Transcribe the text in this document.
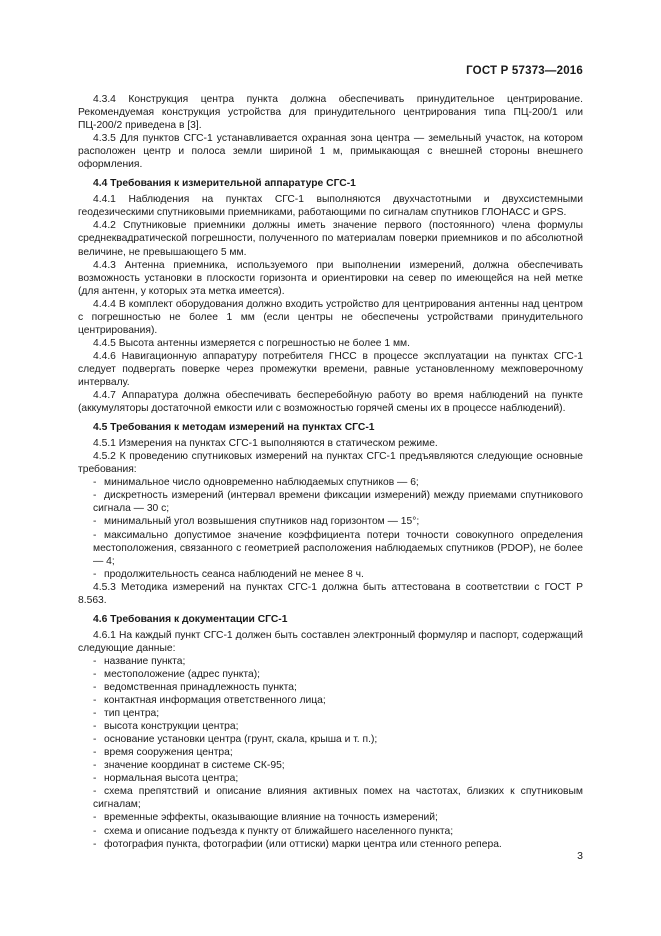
ГОСТ Р 57373—2016
4.3.4 Конструкция центра пункта должна обеспечивать принудительное центрирование. Рекомендуемая конструкция устройства для принудительного центрирования типа ПЦ-200/1 или ПЦ-200/2 приведена в [3].
4.3.5 Для пунктов СГС-1 устанавливается охранная зона центра — земельный участок, на котором расположен центр и полоса земли шириной 1 м, примыкающая с внешней стороны внешнего оформления.
4.4 Требования к измерительной аппаратуре СГС-1
4.4.1 Наблюдения на пунктах СГС-1 выполняются двухчастотными и двухсистемными геодезическими спутниковыми приемниками, работающими по сигналам спутников ГЛОНАСС и GPS.
4.4.2 Спутниковые приемники должны иметь значение первого (постоянного) члена формулы среднеквадратической погрешности, полученного по материалам поверки приемников и по абсолютной величине, не превышающего 5 мм.
4.4.3 Антенна приемника, используемого при выполнении измерений, должна обеспечивать возможность установки в плоскости горизонта и ориентировки на север по имеющейся на ней метке (для антенн, у которых эта метка имеется).
4.4.4 В комплект оборудования должно входить устройство для центрирования антенны над центром с погрешностью не более 1 мм (если центры не обеспечены устройствами принудительного центрирования).
4.4.5 Высота антенны измеряется с погрешностью не более 1 мм.
4.4.6 Навигационную аппаратуру потребителя ГНСС в процессе эксплуатации на пунктах СГС-1 следует подвергать поверке через промежутки времени, равные установленному межповерочному интервалу.
4.4.7 Аппаратура должна обеспечивать бесперебойную работу во время наблюдений на пункте (аккумуляторы достаточной емкости или с возможностью горячей смены их в процессе наблюдений).
4.5 Требования к методам измерений на пунктах СГС-1
4.5.1 Измерения на пунктах СГС-1 выполняются в статическом режиме.
4.5.2 К проведению спутниковых измерений на пунктах СГС-1 предъявляются следующие основные требования:
- минимальное число одновременно наблюдаемых спутников — 6;
- дискретность измерений (интервал времени фиксации измерений) между приемами спутникового сигнала — 30 с;
- минимальный угол возвышения спутников над горизонтом — 15°;
- максимально допустимое значение коэффициента потери точности совокупного определения местоположения, связанного с геометрией расположения наблюдаемых спутников (PDOP), не более — 4;
- продолжительность сеанса наблюдений не менее 8 ч.
4.5.3 Методика измерений на пунктах СГС-1 должна быть аттестована в соответствии с ГОСТ Р 8.563.
4.6 Требования к документации СГС-1
4.6.1 На каждый пункт СГС-1 должен быть составлен электронный формуляр и паспорт, содержащий следующие данные:
- название пункта;
- местоположение (адрес пункта);
- ведомственная принадлежность пункта;
- контактная информация ответственного лица;
- тип центра;
- высота конструкции центра;
- основание установки центра (грунт, скала, крыша и т. п.);
- время сооружения центра;
- значение координат в системе СК-95;
- нормальная высота центра;
- схема препятствий и описание влияния активных помех на частотах, близких к спутниковым сигналам;
- временные эффекты, оказывающие влияние на точность измерений;
- схема и описание подъезда к пункту от ближайшего населенного пункта;
- фотография пункта, фотографии (или оттиски) марки центра или стенного репера.
3
